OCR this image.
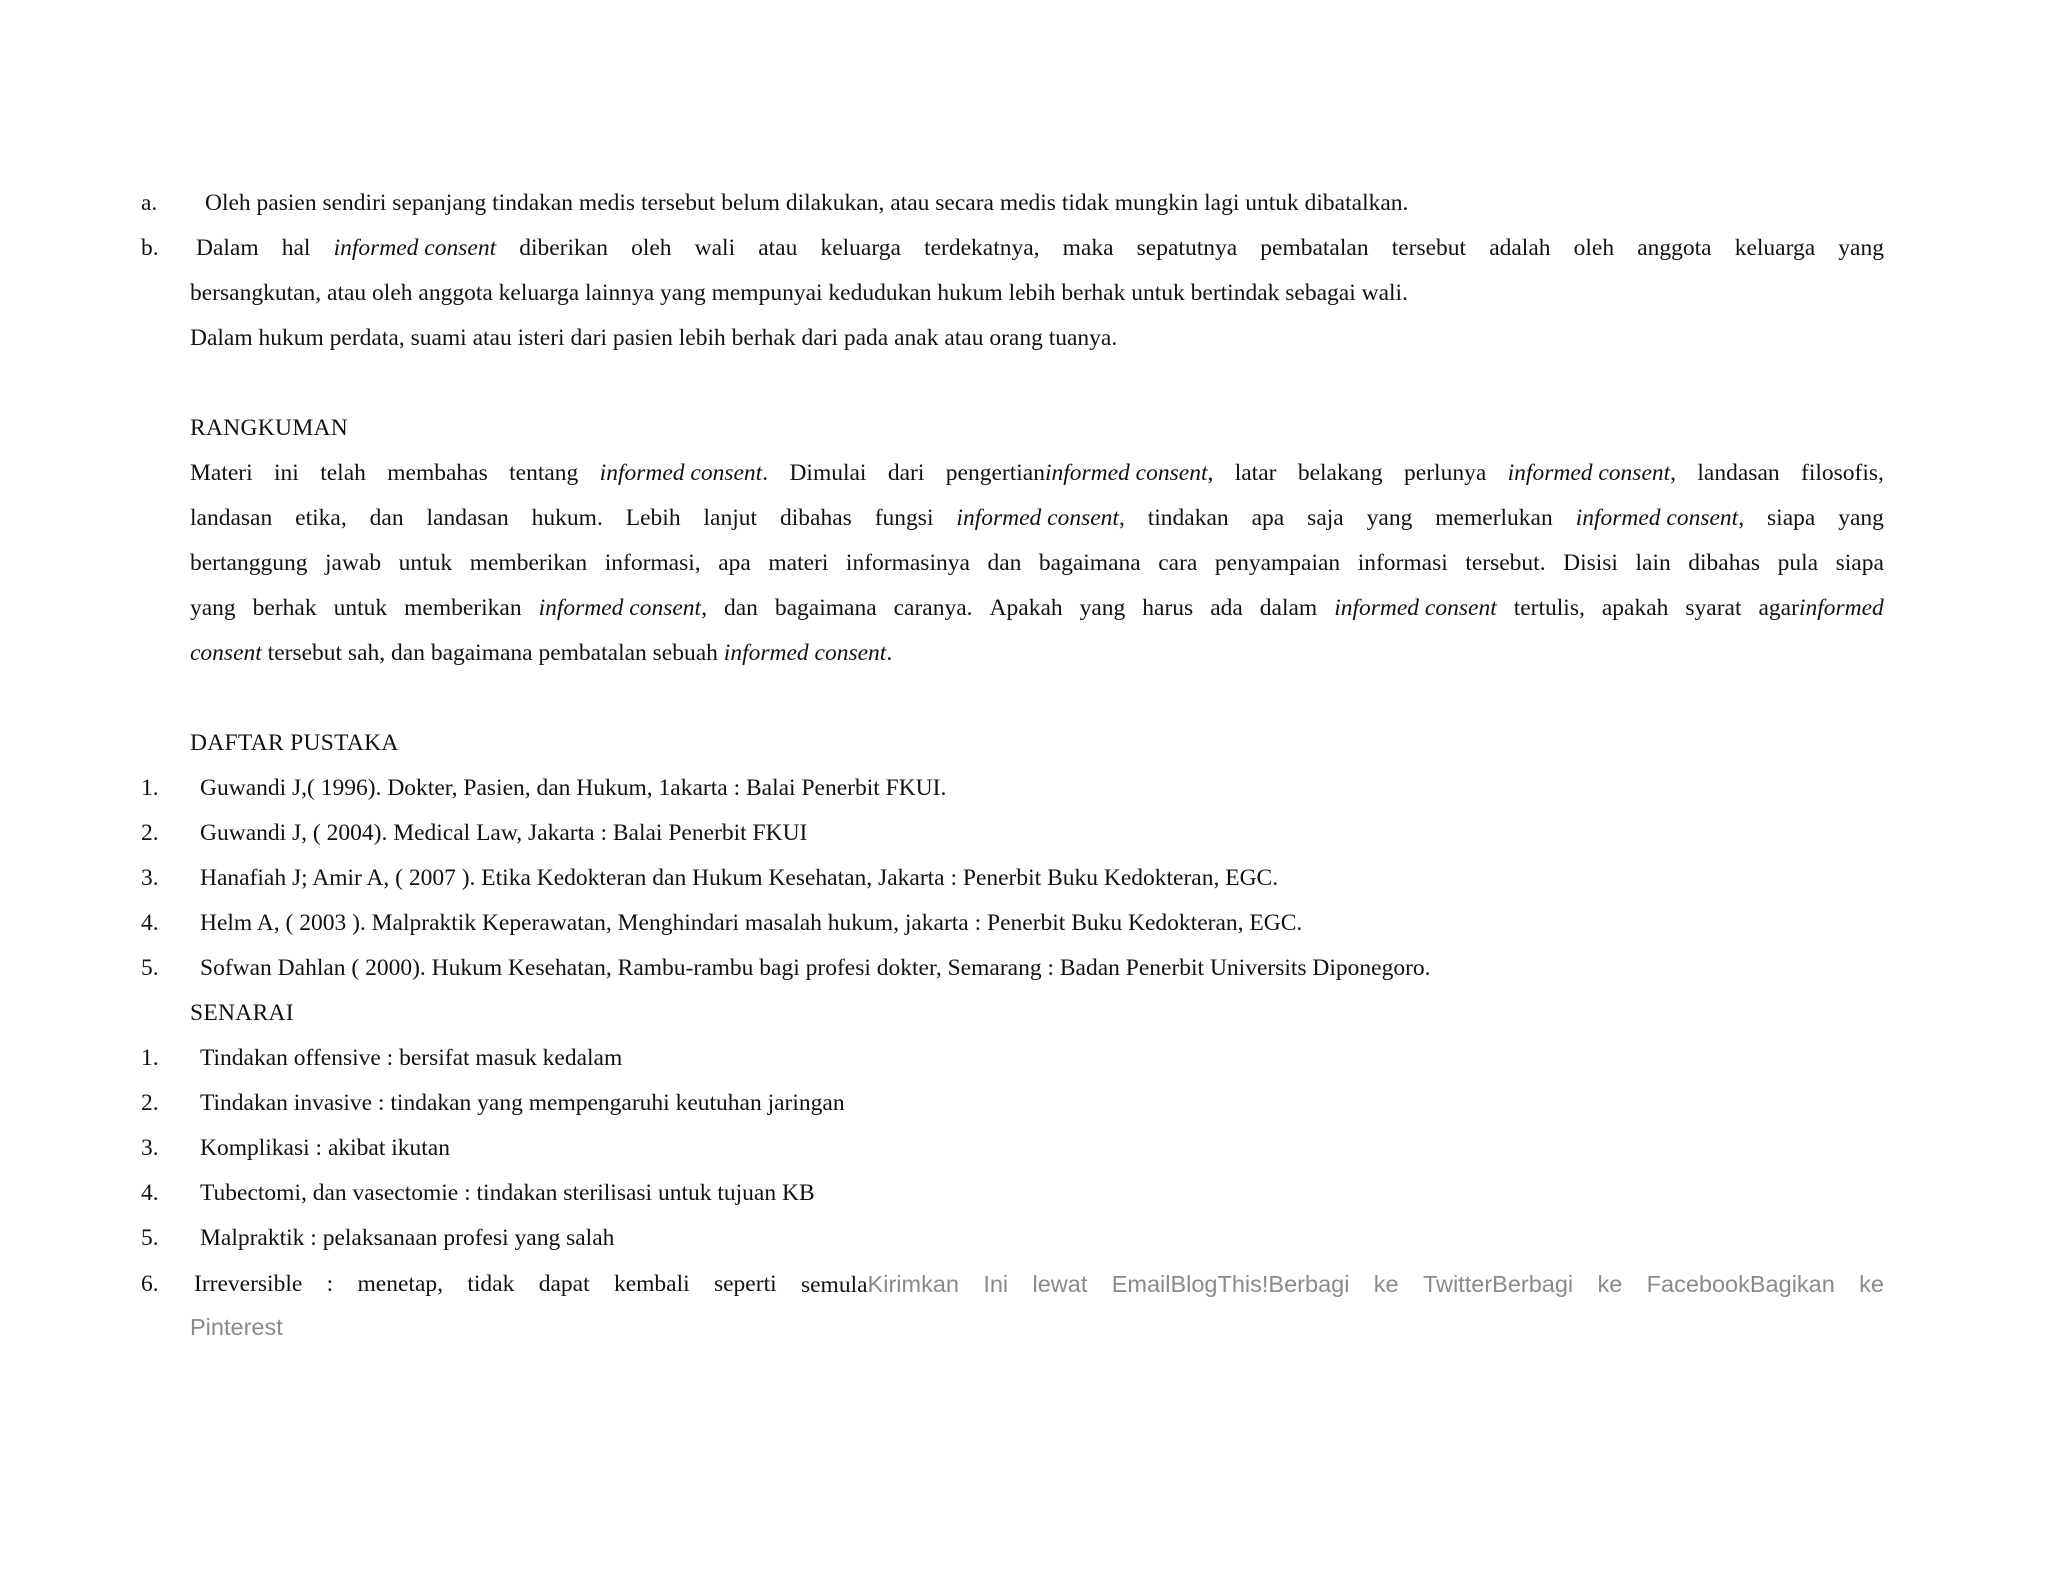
a. Oleh pasien sendiri sepanjang tindakan medis tersebut belum dilakukan, atau secara medis tidak mungkin lagi untuk dibatalkan.
b. Dalam hal informed consent diberikan oleh wali atau keluarga terdekatnya, maka sepatutnya pembatalan tersebut adalah oleh anggota keluarga yang
bersangkutan, atau oleh anggota keluarga lainnya yang mempunyai kedudukan hukum lebih berhak untuk bertindak sebagai wali.
Dalam hukum perdata, suami atau isteri dari pasien lebih berhak dari pada anak atau orang tuanya.
RANGKUMAN
Materi ini telah membahas tentang informed consent. Dimulai dari pengertianinformed consent, latar belakang perlunya informed consent, landasan filosofis,
landasan etika, dan landasan hukum. Lebih lanjut dibahas fungsi informed consent, tindakan apa saja yang memerlukan informed consent, siapa yang
bertanggung jawab untuk memberikan informasi, apa materi informasinya dan bagaimana cara penyampaian informasi tersebut. Disisi lain dibahas pula siapa
yang berhak untuk memberikan informed consent, dan bagaimana caranya. Apakah yang harus ada dalam informed consent tertulis, apakah syarat agarinformed
consent tersebut sah, dan bagaimana pembatalan sebuah informed consent.
DAFTAR PUSTAKA
1. Guwandi J,( 1996). Dokter, Pasien, dan Hukum, 1akarta : Balai Penerbit FKUI.
2. Guwandi J, ( 2004). Medical Law, Jakarta : Balai Penerbit FKUI
3. Hanafiah J; Amir A, ( 2007 ). Etika Kedokteran dan Hukum Kesehatan, Jakarta : Penerbit Buku Kedokteran, EGC.
4. Helm A, ( 2003 ). Malpraktik Keperawatan, Menghindari masalah hukum, jakarta : Penerbit Buku Kedokteran, EGC.
5. Sofwan Dahlan ( 2000). Hukum Kesehatan, Rambu-rambu bagi profesi dokter, Semarang : Badan Penerbit Universits Diponegoro.
SENARAI
1. Tindakan offensive : bersifat masuk kedalam
2. Tindakan invasive : tindakan yang mempengaruhi keutuhan jaringan
3. Komplikasi : akibat ikutan
4. Tubectomi, dan vasectomie : tindakan sterilisasi untuk tujuan KB
5. Malpraktik : pelaksanaan profesi yang salah
6. Irreversible : menetap, tidak dapat kembali seperti semulaKirimkan Ini lewat EmailBlogThis!Berbagi ke TwitterBerbagi ke FacebookBagikan ke
Pinterest
